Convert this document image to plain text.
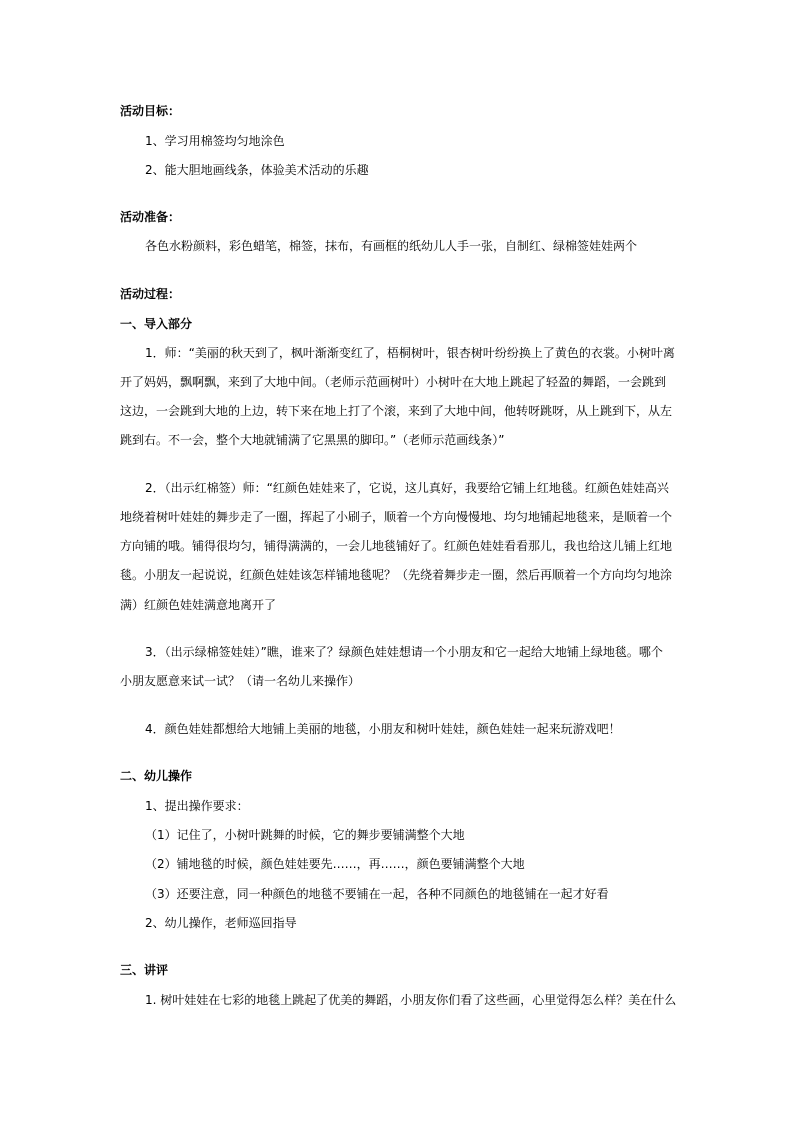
活动目标：
1、学习用棉签均匀地涂色
2、能大胆地画线条，体验美术活动的乐趣
活动准备：
各色水粉颜料，彩色蜡笔，棉签，抹布，有画框的纸幼儿人手一张，自制红、绿棉签娃娃两个
活动过程：
一、导入部分
1．师：“美丽的秋天到了，枫叶渐渐变红了，梧桐树叶，银杏树叶纷纷换上了黄色的衣裳。小树叶离
开了妈妈，飘啊飘，来到了大地中间。（老师示范画树叶）小树叶在大地上跳起了轻盈的舞蹈，一会跳到
这边，一会跳到大地的上边，转下来在地上打了个滚，来到了大地中间，他转呀跳呀，从上跳到下，从左
跳到右。不一会，整个大地就铺满了它黑黑的脚印。”（老师示范画线条）”
2．（出示红棉签）师：“红颜色娃娃来了，它说，这儿真好，我要给它铺上红地毯。红颜色娃娃高兴
地绕着树叶娃娃的舞步走了一圈，挥起了小刷子，顺着一个方向慢慢地、均匀地铺起地毯来，是顺着一个
方向铺的哦。铺得很均匀，铺得满满的，一会儿地毯铺好了。红颜色娃娃看看那儿，我也给这儿铺上红地
毯。小朋友一起说说，红颜色娃娃该怎样铺地毯呢？（先绕着舞步走一圈，然后再顺着一个方向均匀地涂
满）红颜色娃娃满意地离开了
3．（出示绿棉签娃娃）”瞧，谁来了？绿颜色娃娃想请一个小朋友和它一起给大地铺上绿地毯。哪个
小朋友愿意来试一试？（请一名幼儿来操作）
4．颜色娃娃都想给大地铺上美丽的地毯，小朋友和树叶娃娃，颜色娃娃一起来玩游戏吧！
二、幼儿操作
1、提出操作要求：
（1）记住了，小树叶跳舞的时候，它的舞步要铺满整个大地
（2）铺地毯的时候，颜色娃娃要先……，再……，颜色要铺满整个大地
（3）还要注意，同一种颜色的地毯不要铺在一起，各种不同颜色的地毯铺在一起才好看
2、幼儿操作，老师巡回指导
三、讲评
1. 树叶娃娃在七彩的地毯上跳起了优美的舞蹈，小朋友你们看了这些画，心里觉得怎么样？美在什么
